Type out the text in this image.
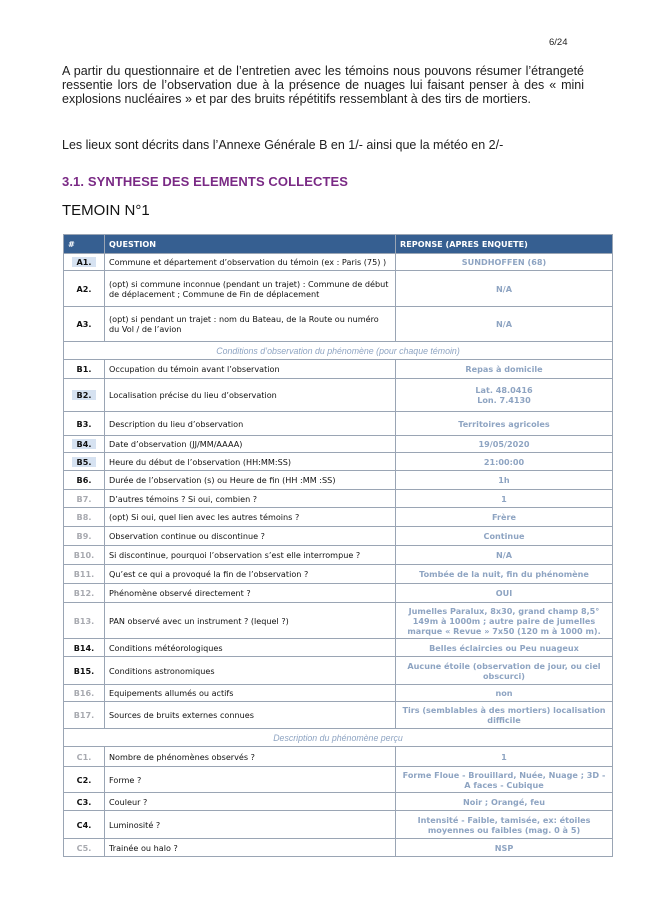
6/24

A partir du questionnaire et de l’entretien avec les témoins nous pouvons résumer l’étrangeté ressentie lors de l’observation due à la présence de nuages lui faisant penser à des « mini explosions nucléaires » et par des bruits répétitifs ressemblant à des tirs de mortiers.

Les lieux sont décrits dans l’Annexe Générale B en 1/- ainsi que la météo en 2/-

3.1. SYNTHESE DES ELEMENTS COLLECTES
TEMOIN N°1
#	QUESTION	REPONSE (APRES ENQUETE)
A1.	Commune et département d’observation du témoin (ex : Paris (75) )	SUNDHOFFEN (68)
A2.	(opt) si commune inconnue (pendant un trajet) : Commune de début de déplacement ; Commune de Fin de déplacement	N/A
A3.	(opt) si pendant un trajet : nom du Bateau, de la Route ou numéro du Vol / de l’avion	N/A
Conditions d’observation du phénomène (pour chaque témoin)		
B1.	Occupation du témoin avant l’observation	Repas à domicile
B2.	Localisation précise du lieu d’observation	Lat. 48.0416
Lon. 7.4130
B3.	Description du lieu d’observation	Territoires agricoles
B4.	Date d’observation (JJ/MM/AAAA)	19/05/2020
B5.	Heure du début de l’observation (HH:MM:SS)	21:00:00
B6.	Durée de l’observation (s) ou Heure de fin (HH :MM :SS)	1h
B7.	D’autres témoins ? Si oui, combien ?	1
B8.	(opt) Si oui, quel lien avec les autres témoins ?	Frère
B9.	Observation continue ou discontinue ?	Continue
B10.	Si discontinue, pourquoi l’observation s’est elle interrompue ?	N/A
B11.	Qu’est ce qui a provoqué la fin de l’observation ?	Tombée de la nuit, fin du phénomène
B12.	Phénomène observé directement ?	OUI
B13.	PAN observé avec un instrument ? (lequel ?)	Jumelles Paralux, 8x30, grand champ 8,5° 149m à 1000m ; autre paire de jumelles marque « Revue » 7x50 (120 m à 1000 m).
B14.	Conditions météorologiques	Belles éclaircies ou Peu nuageux
B15.	Conditions astronomiques	Aucune étoile (observation de jour, ou ciel obscurci)
B16.	Equipements allumés ou actifs	non
B17.	Sources de bruits externes connues	Tirs (semblables à des mortiers) localisation difficile
Description du phénomène perçu		
C1.	Nombre de phénomènes observés ?	1
C2.	Forme ?	Forme Floue - Brouillard, Nuée, Nuage ; 3D - A faces - Cubique
C3.	Couleur ?	Noir ; Orangé, feu
C4.	Luminosité ?	Intensité - Faible, tamisée, ex: étoiles moyennes ou faibles (mag. 0 à 5)
C5.	Trainée ou halo ?	NSP
